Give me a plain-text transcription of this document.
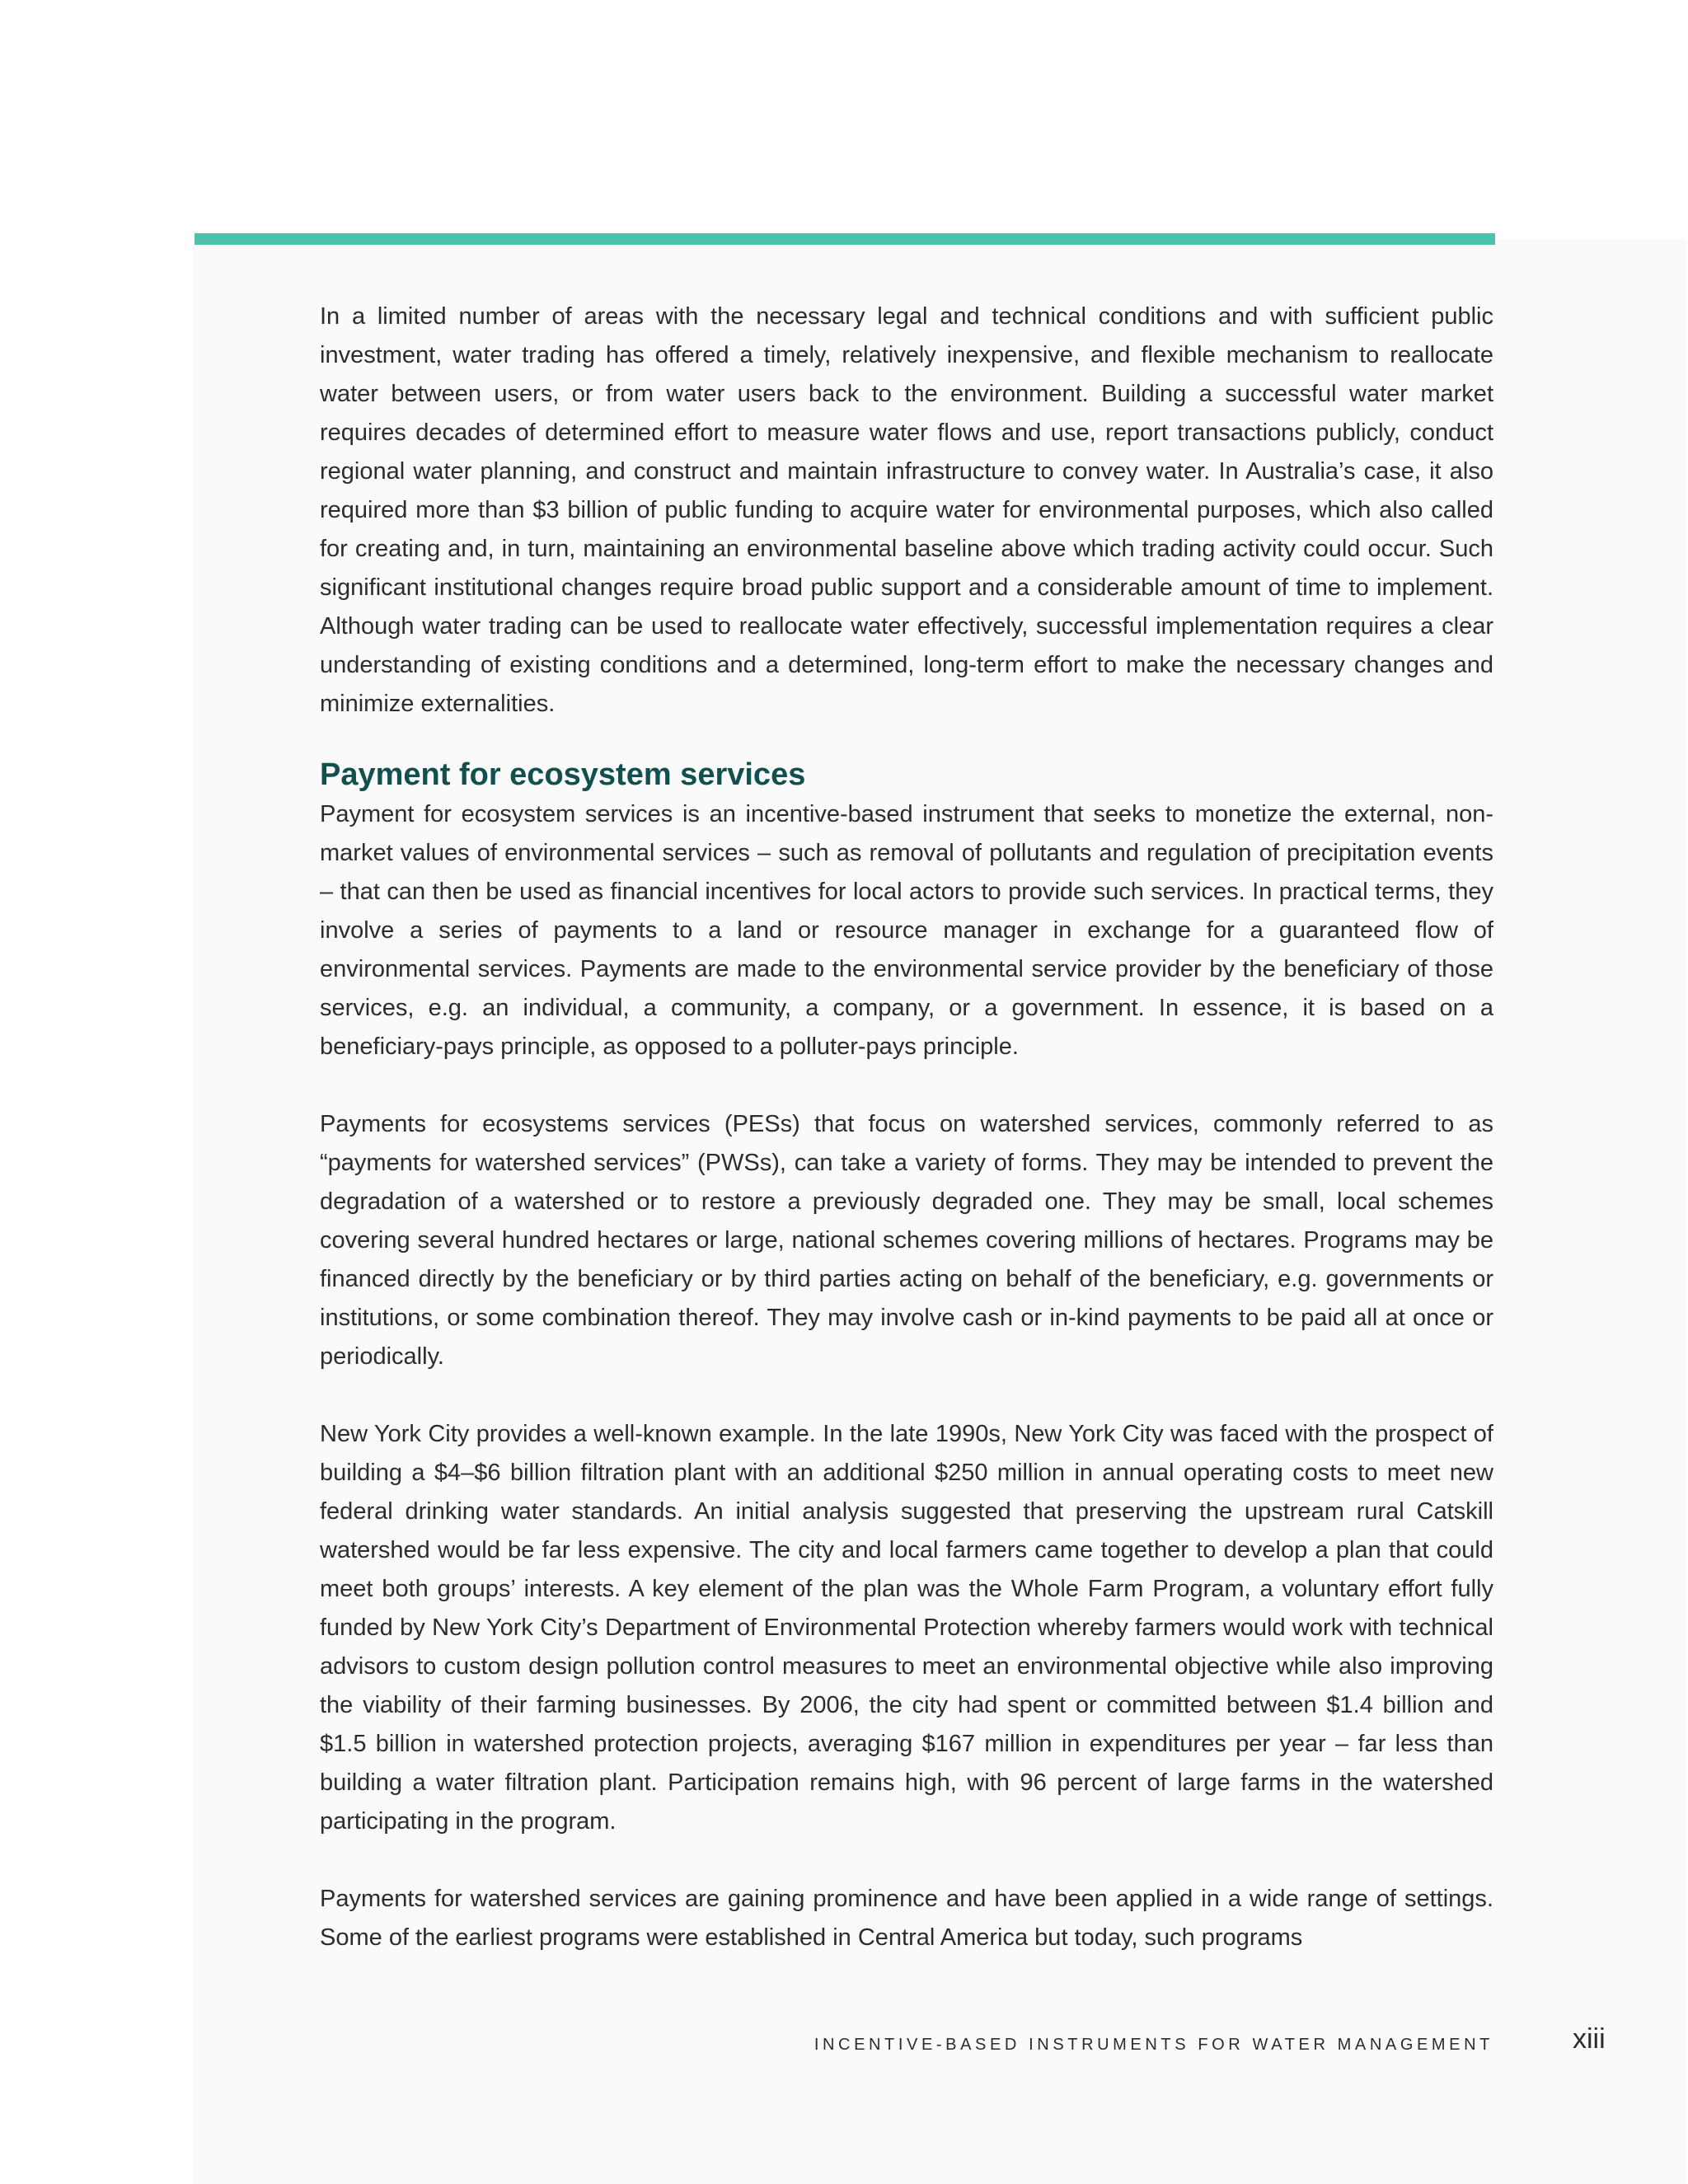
In a limited number of areas with the necessary legal and technical conditions and with sufficient public investment, water trading has offered a timely, relatively inexpensive, and flexible mechanism to reallocate water between users, or from water users back to the environment. Building a successful water market requires decades of determined effort to measure water flows and use, report transactions publicly, conduct regional water planning, and construct and maintain infrastructure to convey water. In Australia’s case, it also required more than $3 billion of public funding to acquire water for environmental purposes, which also called for creating and, in turn, maintaining an environmental baseline above which trading activity could occur. Such significant institutional changes require broad public support and a considerable amount of time to implement. Although water trading can be used to reallocate water effectively, successful implementation requires a clear understanding of existing conditions and a determined, long-term effort to make the necessary changes and minimize externalities.

Payment for ecosystem services

Payment for ecosystem services is an incentive-based instrument that seeks to monetize the external, non-market values of environmental services – such as removal of pollutants and regulation of precipitation events – that can then be used as financial incentives for local actors to provide such services. In practical terms, they involve a series of payments to a land or resource manager in exchange for a guaranteed flow of environmental services. Payments are made to the environmental service provider by the beneficiary of those services, e.g. an individual, a community, a company, or a government. In essence, it is based on a beneficiary-pays principle, as opposed to a polluter-pays principle.

Payments for ecosystems services (PESs) that focus on watershed services, commonly referred to as “payments for watershed services” (PWSs), can take a variety of forms. They may be intended to prevent the degradation of a watershed or to restore a previously degraded one. They may be small, local schemes covering several hundred hectares or large, national schemes covering millions of hectares. Programs may be financed directly by the beneficiary or by third parties acting on behalf of the beneficiary, e.g. governments or institutions, or some combination thereof. They may involve cash or in-kind payments to be paid all at once or periodically.

New York City provides a well-known example. In the late 1990s, New York City was faced with the prospect of building a $4–$6 billion filtration plant with an additional $250 million in annual operating costs to meet new federal drinking water standards. An initial analysis suggested that preserving the upstream rural Catskill watershed would be far less expensive. The city and local farmers came together to develop a plan that could meet both groups’ interests. A key element of the plan was the Whole Farm Program, a voluntary effort fully funded by New York City’s Department of Environmental Protection whereby farmers would work with technical advisors to custom design pollution control measures to meet an environmental objective while also improving the viability of their farming businesses. By 2006, the city had spent or committed between $1.4 billion and $1.5 billion in watershed protection projects, averaging $167 million in expenditures per year – far less than building a water filtration plant. Participation remains high, with 96 percent of large farms in the watershed participating in the program.

Payments for watershed services are gaining prominence and have been applied in a wide range of settings. Some of the earliest programs were established in Central America but today, such programs

INCENTIVE-BASED INSTRUMENTS FOR WATER MANAGEMENT	xiii
